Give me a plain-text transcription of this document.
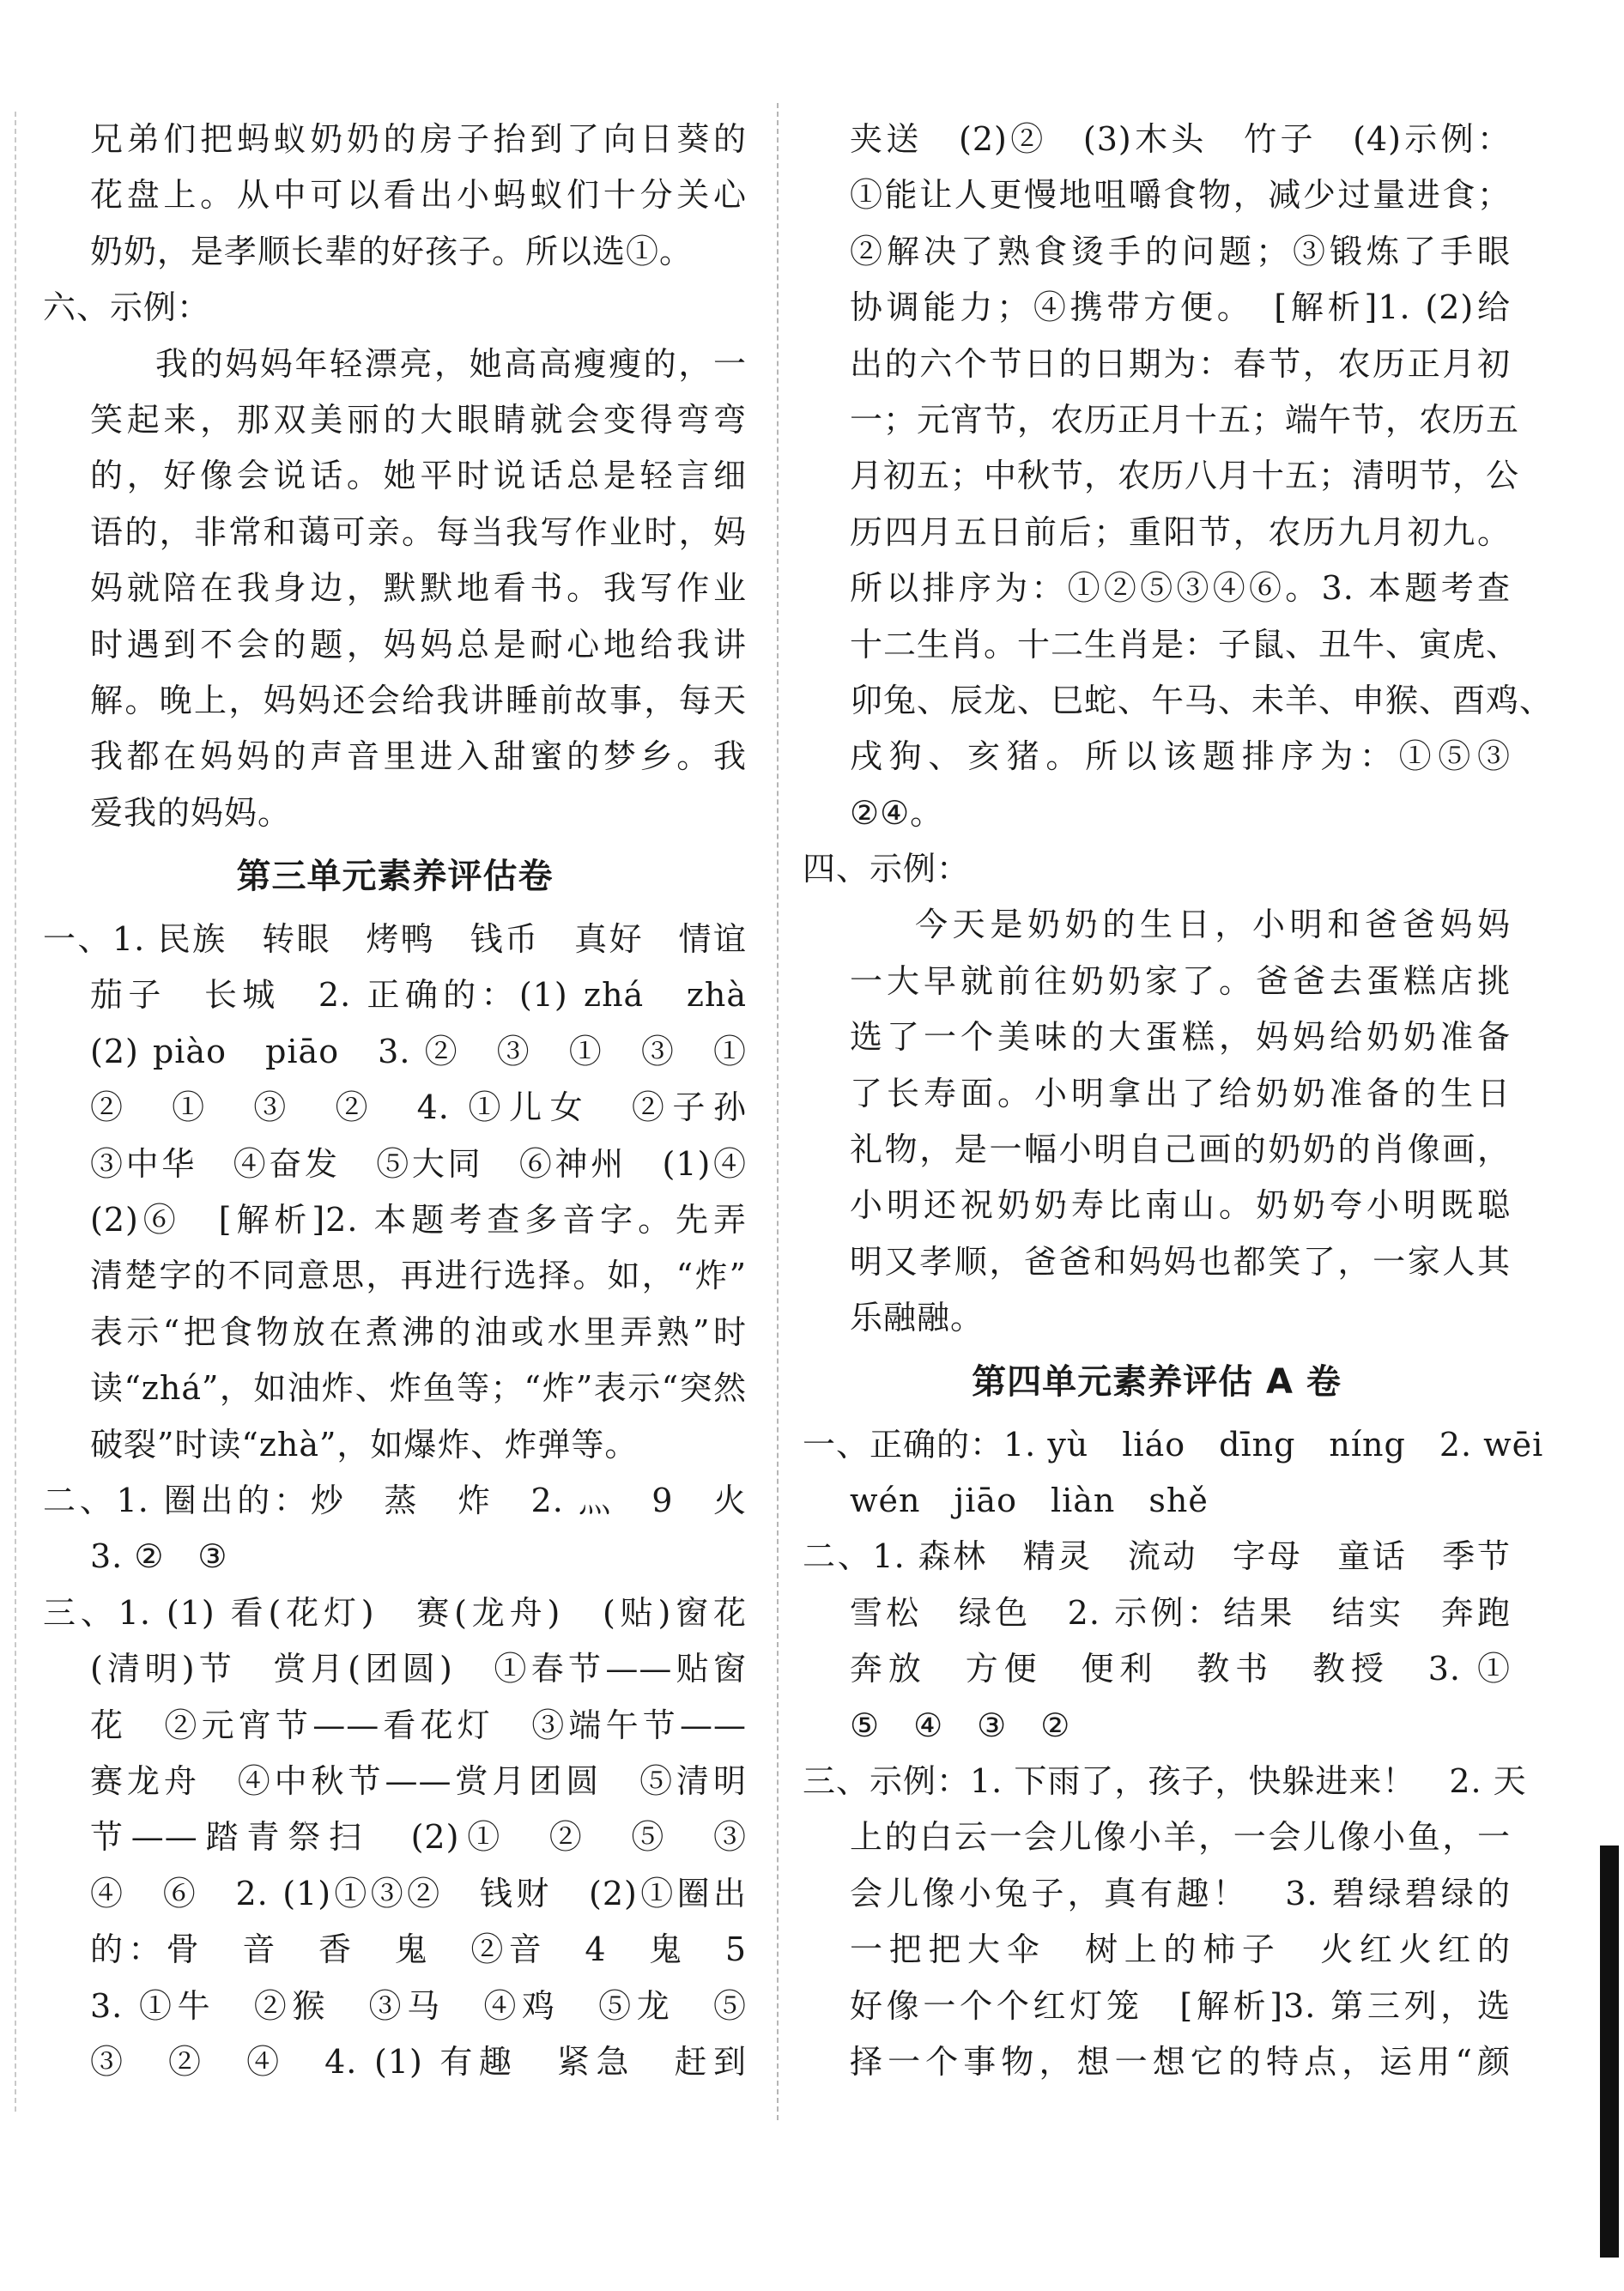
兄弟们把蚂蚁奶奶的房子抬到了向日葵的
花盘上。从中可以看出小蚂蚁们十分关心
奶奶，是孝顺长辈的好孩子。所以选①。
六、示例：
我的妈妈年轻漂亮，她高高瘦瘦的，一
笑起来，那双美丽的大眼睛就会变得弯弯
的，好像会说话。她平时说话总是轻言细
语的，非常和蔼可亲。每当我写作业时，妈
妈就陪在我身边，默默地看书。我写作业
时遇到不会的题，妈妈总是耐心地给我讲
解。晚上，妈妈还会给我讲睡前故事，每天
我都在妈妈的声音里进入甜蜜的梦乡。我
爱我的妈妈。
第三单元素养评估卷
一、1. 民族　转眼　烤鸭　钱币　真好　情谊
茄子　长城　2. 正确的：(1) zhá　zhà
(2) piào　piāo　3. ②　③　①　③　①
②　①　③　②　4. ①儿女　②子孙
③中华　④奋发　⑤大同　⑥神州　(1)④
(2)⑥　[解析]2. 本题考查多音字。先弄
清楚字的不同意思，再进行选择。如，“炸”
表示“把食物放在煮沸的油或水里弄熟”时
读“zhá”，如油炸、炸鱼等；“炸”表示“突然
破裂”时读“zhà”，如爆炸、炸弹等。
二、1. 圈出的：炒　蒸　炸　2. 灬　9　火
3. ②　③
三、1. (1) 看(花灯)　赛(龙舟)　(贴)窗花
(清明)节　赏月(团圆)　①春节——贴窗
花　②元宵节——看花灯　③端午节——
赛龙舟　④中秋节——赏月团圆　⑤清明
节——踏青祭扫　(2)①　②　⑤　③
④　⑥　2. (1)①③②　钱财　(2)①圈出
的：骨　音　香　鬼　②音　4　鬼　5
3. ①牛　②猴　③马　④鸡　⑤龙　⑤
③　②　④　4. (1) 有趣　紧急　赶到
夹送　(2)②　(3)木头　竹子　(4)示例：
①能让人更慢地咀嚼食物，减少过量进食；
②解决了熟食烫手的问题；③锻炼了手眼
协调能力；④携带方便。　[解析]1. (2)给
出的六个节日的日期为：春节，农历正月初
一；元宵节，农历正月十五；端午节，农历五
月初五；中秋节，农历八月十五；清明节，公
历四月五日前后；重阳节，农历九月初九。
所以排序为：①②⑤③④⑥。3. 本题考查
十二生肖。十二生肖是：子鼠、丑牛、寅虎、
卯兔、辰龙、巳蛇、午马、未羊、申猴、酉鸡、
戌狗、亥猪。所以该题排序为：①⑤③
②④。
四、示例：
今天是奶奶的生日，小明和爸爸妈妈
一大早就前往奶奶家了。爸爸去蛋糕店挑
选了一个美味的大蛋糕，妈妈给奶奶准备
了长寿面。小明拿出了给奶奶准备的生日
礼物，是一幅小明自己画的奶奶的肖像画，
小明还祝奶奶寿比南山。奶奶夸小明既聪
明又孝顺，爸爸和妈妈也都笑了，一家人其
乐融融。
第四单元素养评估 A 卷
一、正确的：1. yù　liáo　dīng　níng　2. wēi
wén　jiāo　liàn　shě
二、1. 森林　精灵　流动　字母　童话　季节
雪松　绿色　2. 示例：结果　结实　奔跑
奔放　方便　便利　教书　教授　3. ①
⑤　④　③　②
三、示例：1. 下雨了，孩子，快躲进来！　2. 天
上的白云一会儿像小羊，一会儿像小鱼，一
会儿像小兔子，真有趣！　3. 碧绿碧绿的
一把把大伞　树上的柿子　火红火红的
好像一个个红灯笼　[解析]3. 第三列，选
择一个事物，想一想它的特点，运用“颜
